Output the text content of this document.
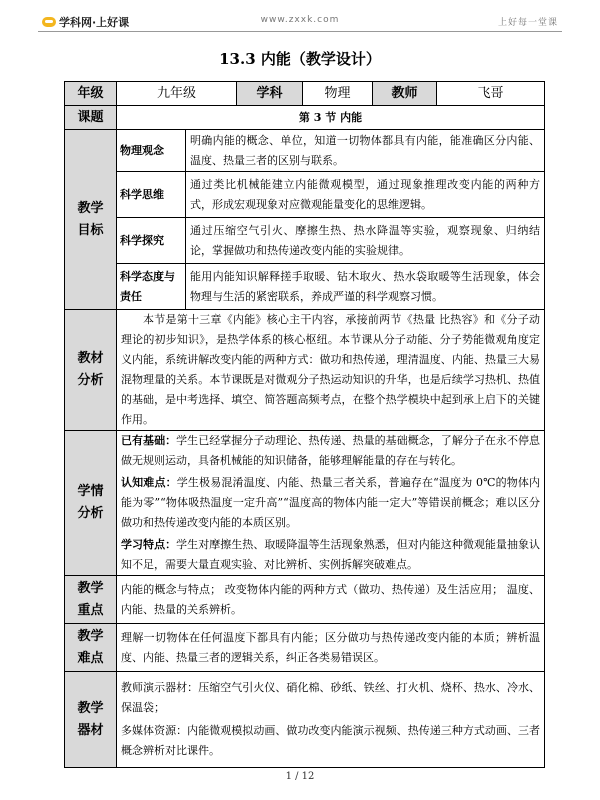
学科网·上好课	www.zxxk.com	上好每一堂课
13.3 内能（教学设计）
年级	九年级		学科	物理	教师	飞哥
课题	第 3 节 内能					
教学目标	物理观念	明确内能的概念、单位，知道一切物体都具有内能，能准确区分内能、温度、热量三者的区别与联系。				
	科学思维	通过类比机械能建立内能微观模型，通过现象推理改变内能的两种方式，形成宏观现象对应微观能量变化的思维逻辑。				
	科学探究	通过压缩空气引火、摩擦生热、热水降温等实验，观察现象、归纳结论，掌握做功和热传递改变内能的实验规律。				
	科学态度与责任	能用内能知识解释搓手取暖、钻木取火、热水袋取暖等生活现象，体会物理与生活的紧密联系，养成严谨的科学观察习惯。				
教材分析	本节是第十三章《内能》核心主干内容，承接前两节《热量 比热容》和《分子动理论的初步知识》，是热学体系的核心枢纽。本节课从分子动能、分子势能微观角度定义内能，系统讲解改变内能的两种方式：做功和热传递，理清温度、内能、热量三大易混物理量的关系。本节课既是对微观分子热运动知识的升华，也是后续学习热机、热值的基础，是中考选择、填空、简答题高频考点，在整个热学模块中起到承上启下的关键作用。					
学情分析	已有基础：学生已经掌握分子动理论、热传递、热量的基础概念，了解分子在永不停息做无规则运动，具备机械能的知识储备，能够理解能量的存在与转化。
认知难点：学生极易混淆温度、内能、热量三者关系，普遍存在“温度为 0℃的物体内能为零”“物体吸热温度一定升高”“温度高的物体内能一定大”等错误前概念；难以区分做功和热传递改变内能的本质区别。
学习特点：学生对摩擦生热、取暖降温等生活现象熟悉，但对内能这种微观能量抽象认知不足，需要大量直观实验、对比辨析、实例拆解突破难点。					

教学重点	内能的概念与特点； 改变物体内能的两种方式（做功、热传递）及生活应用； 温度、内能、热量的关系辨析。					
教学难点	理解一切物体在任何温度下都具有内能；区分做功与热传递改变内能的本质；辨析温度、内能、热量三者的逻辑关系，纠正各类易错误区。					
教学器材	教师演示器材：压缩空气引火仪、硝化棉、砂纸、铁丝、打火机、烧杯、热水、冷水、保温袋；
多媒体资源：内能微观模拟动画、做功改变内能演示视频、热传递三种方式动画、三者概念辨析对比课件。					
1 / 12
